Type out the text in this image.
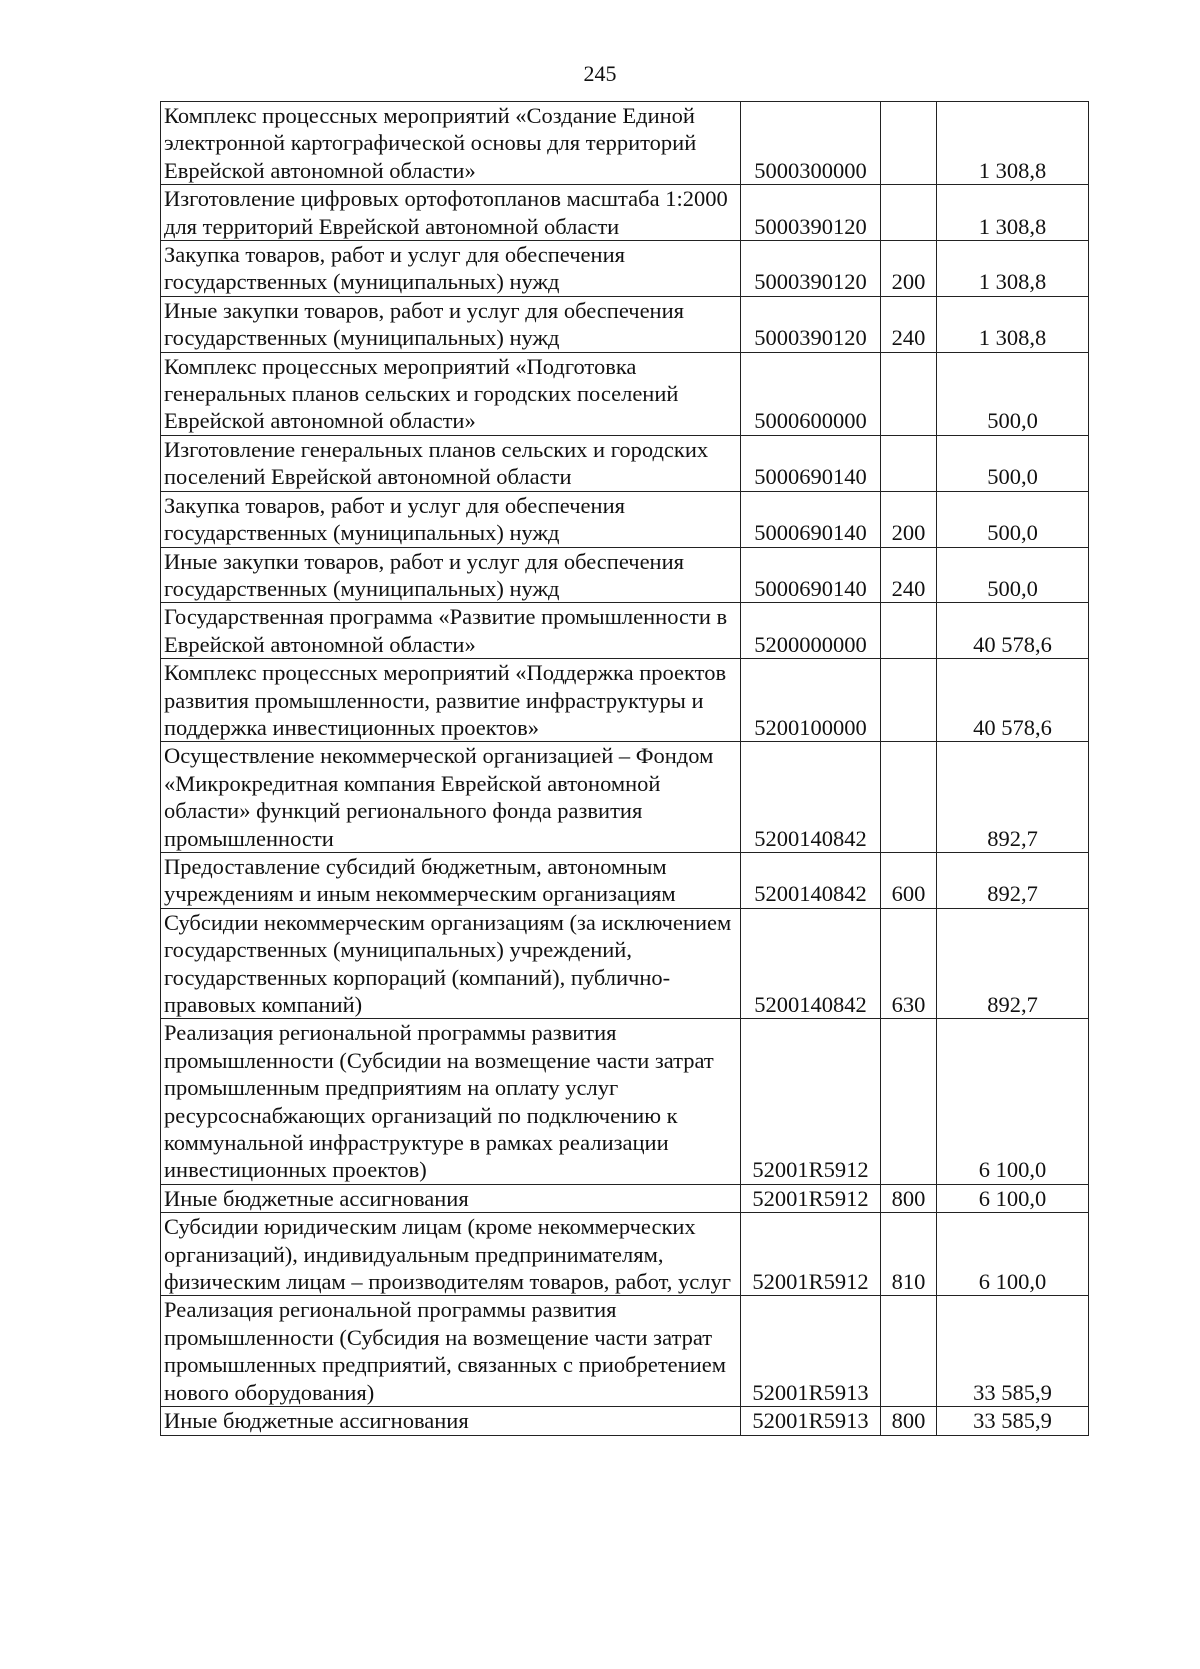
245
Комплекс процессных мероприятий «Создание Единой электронной картографической основы для территорий Еврейской автономной области»	5000300000		1 308,8
Изготовление цифровых ортофотопланов масштаба 1:2000 для территорий Еврейской автономной области	5000390120		1 308,8
Закупка товаров, работ и услуг для обеспечения государственных (муниципальных) нужд	5000390120	200	1 308,8
Иные закупки товаров, работ и услуг для обеспечения государственных (муниципальных) нужд	5000390120	240	1 308,8
Комплекс процессных мероприятий «Подготовка генеральных планов сельских и городских поселений Еврейской автономной области»	5000600000		500,0
Изготовление генеральных планов сельских и городских поселений Еврейской автономной области	5000690140		500,0
Закупка товаров, работ и услуг для обеспечения государственных (муниципальных) нужд	5000690140	200	500,0
Иные закупки товаров, работ и услуг для обеспечения государственных (муниципальных) нужд	5000690140	240	500,0
Государственная программа «Развитие промышленности в Еврейской автономной области»	5200000000		40 578,6
Комплекс процессных мероприятий «Поддержка проектов развития промышленности, развитие инфраструктуры и поддержка инвестиционных проектов»	5200100000		40 578,6
Осуществление некоммерческой организацией – Фондом «Микрокредитная компания Еврейской автономной области» функций регионального фонда развития промышленности	5200140842		892,7
Предоставление субсидий бюджетным, автономным учреждениям и иным некоммерческим организациям	5200140842	600	892,7
Субсидии некоммерческим организациям (за исключением государственных (муниципальных) учреждений, государственных корпораций (компаний), публично-правовых компаний)	5200140842	630	892,7
Реализация региональной программы развития промышленности (Субсидии на возмещение части затрат промышленным предприятиям на оплату услуг ресурсоснабжающих организаций по подключению к коммунальной инфраструктуре в рамках реализации инвестиционных проектов)	52001R5912		6 100,0
Иные бюджетные ассигнования	52001R5912	800	6 100,0
Субсидии юридическим лицам (кроме некоммерческих организаций), индивидуальным предпринимателям, физическим лицам – производителям товаров, работ, услуг	52001R5912	810	6 100,0
Реализация региональной программы развития промышленности (Субсидия на возмещение части затрат промышленных предприятий, связанных с приобретением нового оборудования)	52001R5913		33 585,9
Иные бюджетные ассигнования	52001R5913	800	33 585,9
